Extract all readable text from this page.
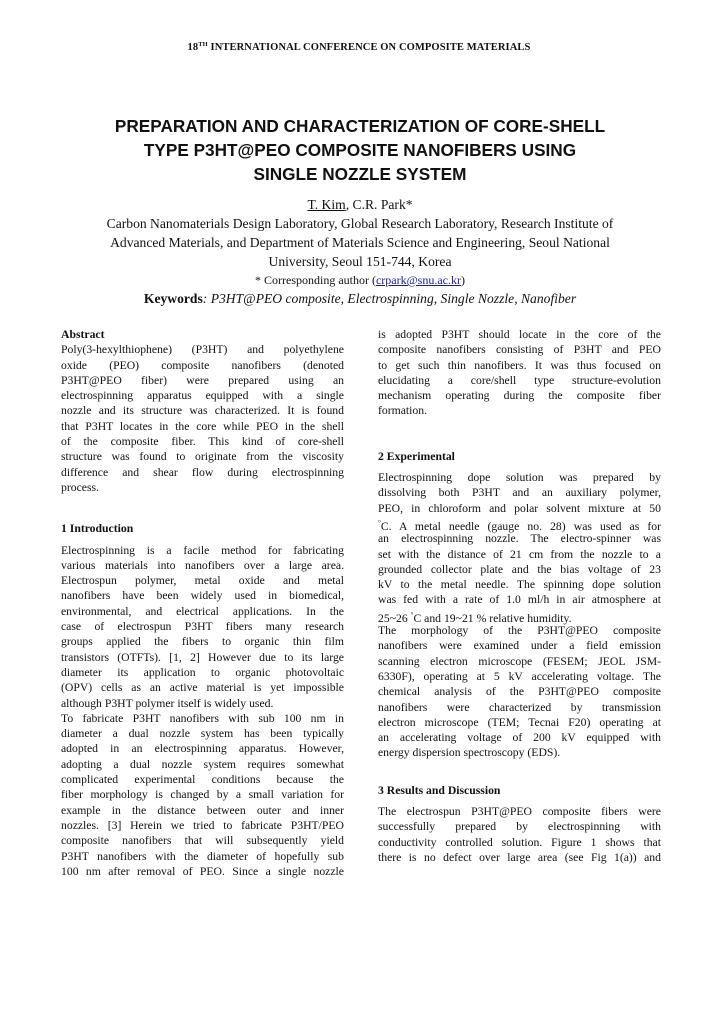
18TH INTERNATIONAL CONFERENCE ON COMPOSITE MATERIALS
PREPARATION AND CHARACTERIZATION OF CORE-SHELL
TYPE P3HT@PEO COMPOSITE NANOFIBERS USING
SINGLE NOZZLE SYSTEM
T. Kim, C.R. Park*
Carbon Nanomaterials Design Laboratory, Global Research Laboratory, Research Institute of
Advanced Materials, and Department of Materials Science and Engineering, Seoul National
University, Seoul 151-744, Korea
* Corresponding author (crpark@snu.ac.kr)
Keywords: P3HT@PEO composite, Electrospinning, Single Nozzle, Nanofiber
Abstract
Poly(3-hexylthiophene) (P3HT) and polyethylene
oxide (PEO) composite nanofibers (denoted
P3HT@PEO fiber) were prepared using an
electrospinning apparatus equipped with a single
nozzle and its structure was characterized. It is found
that P3HT locates in the core while PEO in the shell
of the composite fiber. This kind of core-shell
structure was found to originate from the viscosity
difference and shear flow during electrospinning
process.
1 Introduction
Electrospinning is a facile method for fabricating
various materials into nanofibers over a large area.
Electrospun polymer, metal oxide and metal
nanofibers have been widely used in biomedical,
environmental, and electrical applications. In the
case of electrospun P3HT fibers many research
groups applied the fibers to organic thin film
transistors (OTFTs). [1, 2] However due to its large
diameter its application to organic photovoltaic
(OPV) cells as an active material is yet impossible
although P3HT polymer itself is widely used.
To fabricate P3HT nanofibers with sub 100 nm in
diameter a dual nozzle system has been typically
adopted in an electrospinning apparatus. However,
adopting a dual nozzle system requires somewhat
complicated experimental conditions because the
fiber morphology is changed by a small variation for
example in the distance between outer and inner
nozzles. [3] Herein we tried to fabricate P3HT/PEO
composite nanofibers that will subsequently yield
P3HT nanofibers with the diameter of hopefully sub
100 nm after removal of PEO. Since a single nozzle
is adopted P3HT should locate in the core of the
composite nanofibers consisting of P3HT and PEO
to get such thin nanofibers. It was thus focused on
elucidating a core/shell type structure-evolution
mechanism operating during the composite fiber
formation.
2 Experimental
Electrospinning dope solution was prepared by
dissolving both P3HT and an auxiliary polymer,
PEO, in chloroform and polar solvent mixture at 50
°C. A metal needle (gauge no. 28) was used as for
an electrospinning nozzle. The electro-spinner was
set with the distance of 21 cm from the nozzle to a
grounded collector plate and the bias voltage of 23
kV to the metal needle. The spinning dope solution
was fed with a rate of 1.0 ml/h in air atmosphere at
25~26 °C and 19~21 % relative humidity.
The morphology of the P3HT@PEO composite
nanofibers were examined under a field emission
scanning electron microscope (FESEM; JEOL JSM-
6330F), operating at 5 kV accelerating voltage. The
chemical analysis of the P3HT@PEO composite
nanofibers were characterized by transmission
electron microscope (TEM; Tecnai F20) operating at
an accelerating voltage of 200 kV equipped with
energy dispersion spectroscopy (EDS).
3 Results and Discussion
The electrospun P3HT@PEO composite fibers were
successfully prepared by electrospinning with
conductivity controlled solution. Figure 1 shows that
there is no defect over large area (see Fig 1(a)) and
